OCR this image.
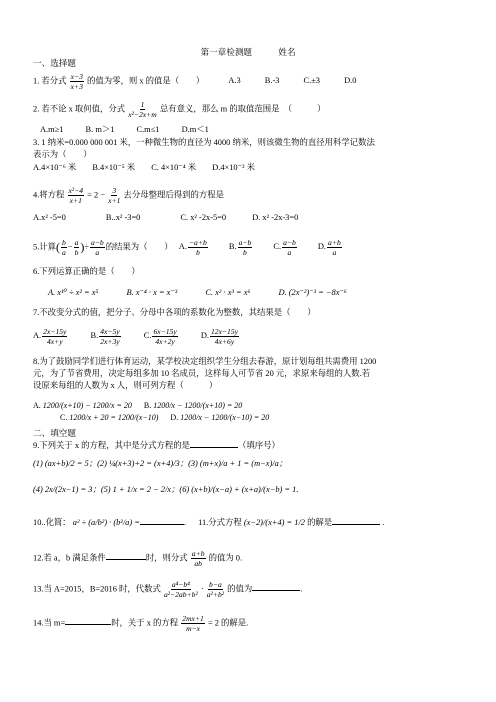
第一章检测题	姓名
一、选择题
1. 若分式 $\frac{x-3}{x+3}$ 的值为零，则 x 的值是（　　）	A.3	B.-3	C.±3	D.0
2. 若不论 x 取何值，分式 $\frac{1}{\text{x²−2x+m}}$ 总有意义，那么 m 的取值范围是　（　　　）
A.m≥1	B. m＞1	C.m≤1	D.m＜1
3. 1 纳米=0.000 000 001 米，一种微生物的直径为 4000 纳米，则该微生物的直径用科学记数法
表示为（　　）
A.4×10⁻⁶ 米 B.4×10⁻⁵ 米 C. 4×10⁻⁴ 米 D.4×10⁻³ 米
4.将方程 $\frac{\text{x²−4}}{x+1} = 2 - \frac{3}{x+1}$ 去分母整理后得到的方程是
A.x² -5=0	B..x² -3=0	C. x² -2x-5=0	D. x² -2x-3=0
5.计算( $\frac{b}{a} - \frac{a}{b}$ )÷ $\frac{a-b}{a}$ 的结果为（　　） A. $\frac{-a+b}{b}$	B. $\frac{a-b}{b}$	C. $\frac{a-b}{a}$	D. $\frac{a+b}{a}$
6.下列运算正确的是（　　）
A. x¹⁰ ÷ x² = x⁵	B. x⁻⁴ · x = x⁻³	C. x² · x³ = x⁶	D. (2x⁻²)⁻³ = −8x⁻⁶
7.不改变分式的值，把分子、分母中各项的系数化为整数，其结果是（　　）
A. $\frac{2x-15y}{4x+y}$	B. $\frac{4x-5y}{2x+3y}$	C. $\frac{6x-15y}{4x+2y}$	D. $\frac{12x-15y}{4x+6y}$
8.为了鼓励同学们进行体育运动，某学校决定组织学生分组去春游，原计划每组共需费用 1200
元，为了节省费用，决定每组多加 10 名成员，这样每人可节省 20 元，求原来每组的人数.若
设原来每组的人数为 x 人，则可列方程（　　　）
A. 1200/(x+10) − 1200/x = 20 B. 1200/x − 1200/(x+10) = 20
C. 1200/x + 20 = 1200/(x−10) D. 1200/x − 1200/(x−10) = 20
二、填空题
9.下列关于 x 的方程，其中是分式方程的是	（填序号）
(1) (ax+b)/2 = 5；(2) ¼(x+3)+2 = (x+4)/3；(3) (m+x)/a + 1 = (m−x)/a；
(4) 2x/(2x−1) = 3；(5) 1 + 1/x = 2 − 2/x；(6) (x+b)/(x−a) + (x+a)/(x−b) = 1.
10..化简： a² ÷ (a/b²) · (b²/a) =	. 11.分式方程 (x−2)/(x+4) = 1/2 的解是	.
12.若 a，b 满足条件	时，则分式 $\frac{a+b}{ab}$ 的值为 0.
13.当 A=2015，B=2016 时，代数式 $\frac{\text{a⁴−b⁴}}{\text{a²−2ab+b²}} \cdot \frac{b-a}{\text{a²+b²}}$ 的值为	.
14.当 m=	时，关于 x 的方程 $\frac{2mx+1}{m-x} = 2$ 的解是.
